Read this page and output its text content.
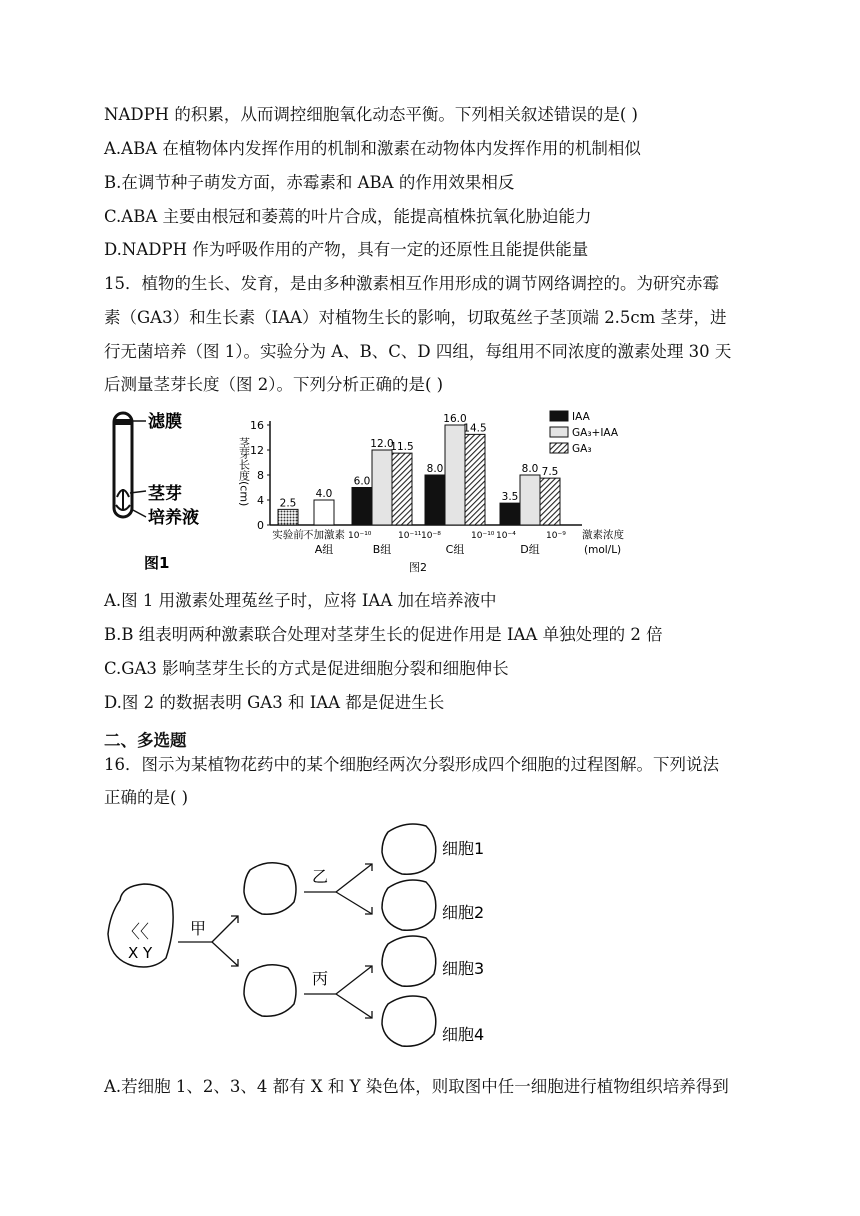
NADPH 的积累，从而调控细胞氧化动态平衡。下列相关叙述错误的是( )
A.ABA 在植物体内发挥作用的机制和激素在动物体内发挥作用的机制相似
B.在调节种子萌发方面，赤霉素和 ABA 的作用效果相反
C.ABA 主要由根冠和萎蔫的叶片合成，能提高植株抗氧化胁迫能力
D.NADPH 作为呼吸作用的产物，具有一定的还原性且能提供能量
15．植物的生长、发育，是由多种激素相互作用形成的调节网络调控的。为研究赤霉
素（GA3）和生长素（IAA）对植物生长的影响，切取菟丝子茎顶端 2.5cm 茎芽，进
行无菌培养（图 1）。实验分为 A、B、C、D 四组，每组用不同浓度的激素处理 30 天
后测量茎芽长度（图 2）。下列分析正确的是( )
滤膜
茎芽
培养液
图1
0
4
8
12
16
茎芽长度(cm)	2.5
实验前
4.0
不加激素
A组
6.0
12.0
11.5
10⁻¹⁰	10⁻¹¹
B组
8.0
16.0
14.5
10⁻⁸	10⁻¹⁰
C组
3.5
8.0 7.5
10⁻⁴	10⁻⁹
D组
激素浓度
(mol/L)
图2
IAA
GA₃+IAA
GA₃
A.图 1 用激素处理菟丝子时，应将 IAA 加在培养液中
B.B 组表明两种激素联合处理对茎芽生长的促进作用是 IAA 单独处理的 2 倍
C.GA3 影响茎芽生长的方式是促进细胞分裂和细胞伸长
D.图 2 的数据表明 GA3 和 IAA 都是促进生长
二、多选题
16．图示为某植物花药中的某个细胞经两次分裂形成四个细胞的过程图解。下列说法
正确的是( )
〈〈
X Y
甲
乙
丙
细胞1
细胞2
细胞3
细胞4
A.若细胞 1、2、3、4 都有 X 和 Y 染色体，则取图中任一细胞进行植物组织培养得到
